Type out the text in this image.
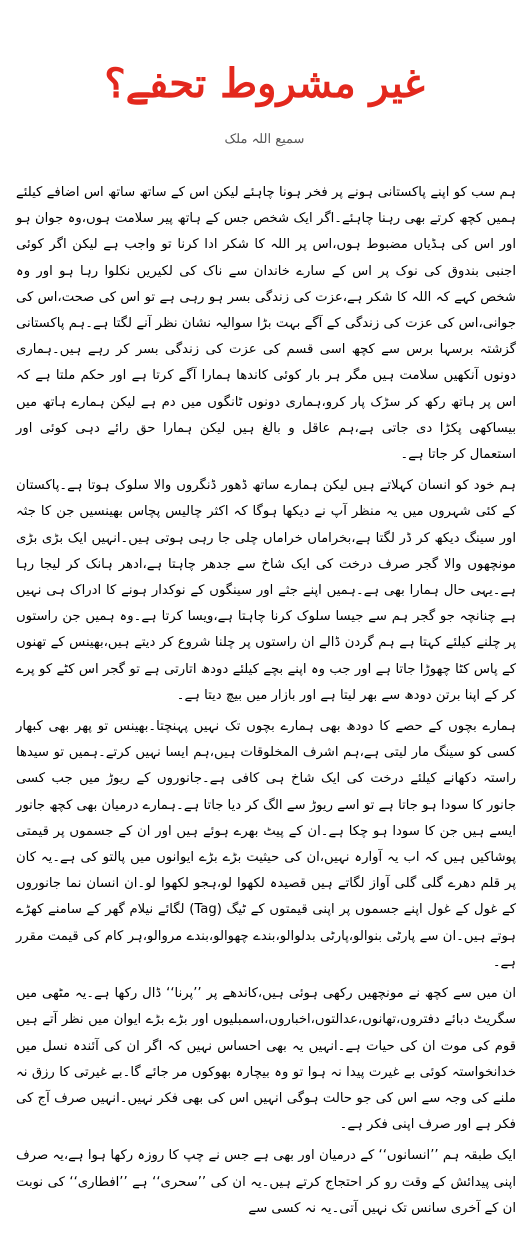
غیر مشروط تحفے؟
سمیع اللہ ملک

ہم سب کو اپنے پاکستانی ہونے پر فخر ہونا چاہئے لیکن اس کے ساتھ ساتھ اس اضافے کیلئے ہمیں کچھ کرتے بھی رہنا چاہئے۔اگر ایک شخص جس کے ہاتھ پیر سلامت ہوں،وہ جوان ہو اور اس کی ہڈیاں مضبوط ہوں،اس پر اللہ کا شکر ادا کرنا تو واجب ہے لیکن اگر کوئی اجنبی بندوق کی نوک پر اس کے سارے خاندان سے ناک کی لکیریں نکلوا رہا ہو اور وہ شخص کہے کہ اللہ کا شکر ہے،عزت کی زندگی بسر ہو رہی ہے تو اس کی صحت،اس کی جوانی،اس کی عزت کی زندگی کے آگے بہت بڑا سوالیہ نشان نظر آنے لگتا ہے۔ہم پاکستانی گزشتہ برسہا برس سے کچھ اسی قسم کی عزت کی زندگی بسر کر رہے ہیں۔ہماری دونوں آنکھیں سلامت ہیں مگر ہر بار کوئی کاندھا ہمارا آگے کرتا ہے اور حکم ملتا ہے کہ اس پر ہاتھ رکھ کر سڑک پار کرو،ہماری دونوں ٹانگوں میں دم ہے لیکن ہمارے ہاتھ میں بیساکھی پکڑا دی جاتی ہے،ہم عاقل و بالغ ہیں لیکن ہمارا حق رائے دہی کوئی اور استعمال کر جاتا ہے۔

ہم خود کو انسان کہلاتے ہیں لیکن ہمارے ساتھ ڈھور ڈنگروں والا سلوک ہوتا ہے۔پاکستان کے کئی شہروں میں یہ منظر آپ نے دیکھا ہوگا کہ اکثر چالیس پچاس بھینسیں جن کا جثہ اور سینگ دیکھ کر ڈر لگتا ہے،بخراماں خراماں چلی جا رہی ہوتی ہیں۔انہیں ایک بڑی بڑی مونچھوں والا گجر صرف درخت کی ایک شاخ سے جدھر چاہتا ہے،ادھر ہانک کر لیجا رہا ہے۔یہی حال ہمارا بھی ہے۔ہمیں اپنے جثے اور سینگوں کے نوکدار ہونے کا ادراک ہی نہیں ہے چنانچہ جو گجر ہم سے جیسا سلوک کرنا چاہتا ہے،ویسا کرتا ہے۔وہ ہمیں جن راستوں پر چلنے کیلئے کہتا ہے ہم گردن ڈالے ان راستوں پر چلنا شروع کر دیتے ہیں،بھینس کے تھنوں کے پاس کٹا چھوڑا جاتا ہے اور جب وہ اپنے بچے کیلئے دودھ اتارتی ہے تو گجر اس کٹے کو پرے کر کے اپنا برتن دودھ سے بھر لیتا ہے اور بازار میں بیچ دیتا ہے۔

ہمارے بچوں کے حصے کا دودھ بھی ہمارے بچوں تک نہیں پہنچتا۔بھینس تو پھر بھی کبھار کسی کو سینگ مار لیتی ہے،ہم اشرف المخلوقات ہیں،ہم ایسا نہیں کرتے۔ہمیں تو سیدھا راستہ دکھانے کیلئے درخت کی ایک شاخ ہی کافی ہے۔جانوروں کے ریوڑ میں جب کسی جانور کا سودا ہو جاتا ہے تو اسے ریوڑ سے الگ کر دیا جاتا ہے۔ہمارے درمیان بھی کچھ جانور ایسے ہیں جن کا سودا ہو چکا ہے۔ان کے پیٹ بھرے ہوئے ہیں اور ان کے جسموں پر قیمتی پوشاکیں ہیں کہ اب یہ آوارہ نہیں،ان کی حیثیت بڑے بڑے ایوانوں میں پالتو کی ہے۔یہ کان پر قلم دھرے گلی گلی آواز لگاتے ہیں قصیدہ لکھوا لو،ہجو لکھوا لو۔ان انسان نما جانوروں کے غول کے غول اپنے جسموں پر اپنی قیمتوں کے ٹیگ (Tag) لگائے نیلام گھر کے سامنے کھڑے ہوتے ہیں۔ان سے پارٹی بنوالو،پارٹی بدلوالو،بندے چھوالو،بندے مروالو،ہر کام کی قیمت مقرر ہے۔

ان میں سے کچھ نے مونچھیں رکھی ہوئی ہیں،کاندھے پر ’’پرنا‘‘ ڈال رکھا ہے۔یہ مٹھی میں سگریٹ دبائے دفتروں،تھانوں،عدالتوں،اخباروں،اسمبلیوں اور بڑے بڑے ایوان میں نظر آتے ہیں قوم کی موت ان کی حیات ہے۔انہیں یہ بھی احساس نہیں کہ اگر ان کی آئندہ نسل میں خدانخواستہ کوئی بے غیرت پیدا نہ ہوا تو وہ بیچارہ بھوکوں مر جائے گا۔بے غیرتی کا رزق نہ ملنے کی وجہ سے اس کی جو حالت ہوگی انہیں اس کی بھی فکر نہیں۔انہیں صرف آج کی فکر ہے اور صرف اپنی فکر ہے۔

ایک طبقہ ہم ’’انسانوں‘‘ کے درمیان اور بھی ہے جس نے چپ کا روزہ رکھا ہوا ہے،یہ صرف اپنی پیدائش کے وقت رو کر احتجاج کرتے ہیں۔یہ ان کی ’’سحری‘‘ ہے ’’افطاری‘‘ کی نوبت ان کے آخری سانس تک نہیں آتی۔یہ نہ کسی سے
